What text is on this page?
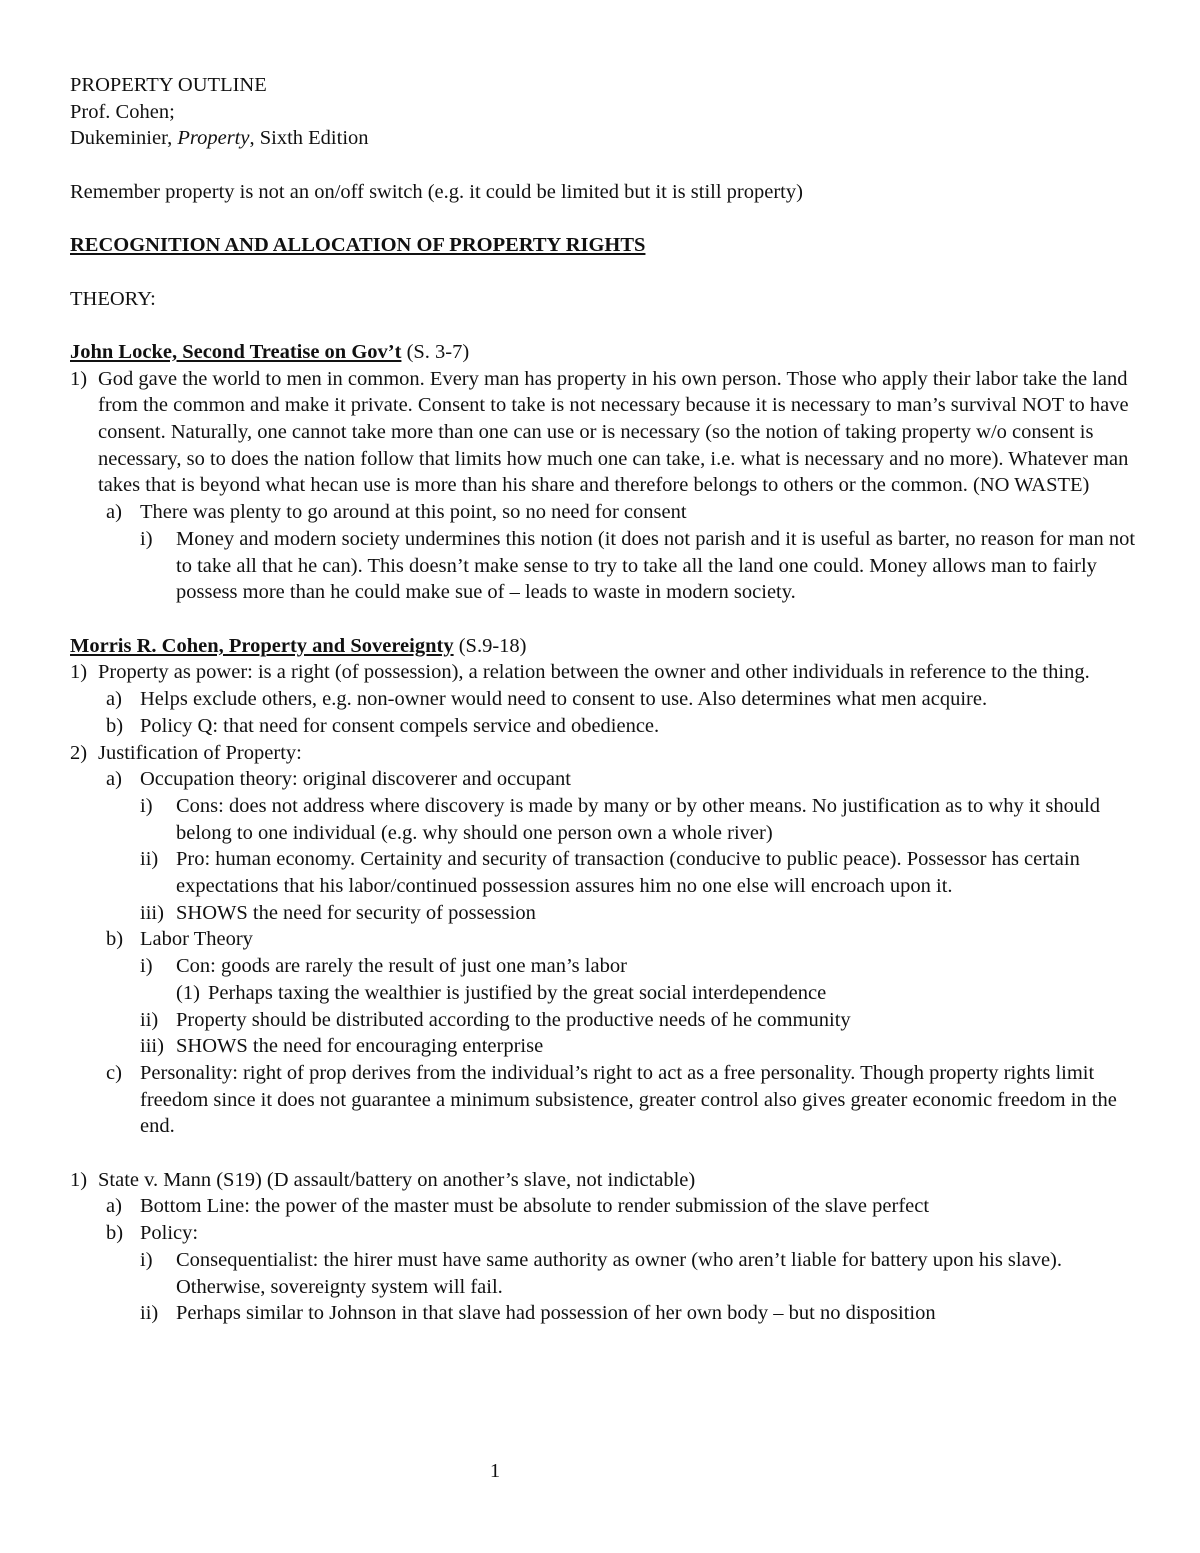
PROPERTY OUTLINE
Prof. Cohen;
Dukeminier, Property, Sixth Edition
Remember property is not an on/off switch (e.g. it could be limited but it is still property)
RECOGNITION AND ALLOCATION OF PROPERTY RIGHTS
THEORY:
John Locke, Second Treatise on Gov’t (S. 3-7)
1) God gave the world to men in common. Every man has property in his own person. Those who apply their labor take the land from the common and make it private. Consent to take is not necessary because it is necessary to man’s survival NOT to have consent. Naturally, one cannot take more than one can use or is necessary (so the notion of taking property w/o consent is necessary, so to does the nation follow that limits how much one can take, i.e. what is necessary and no more). Whatever man takes that is beyond what hecan use is more than his share and therefore belongs to others or the common. (NO WASTE)
a) There was plenty to go around at this point, so no need for consent
i)	Money and modern society undermines this notion (it does not parish and it is useful as barter, no reason for man not to take all that he can). This doesn’t make sense to try to take all the land one could. Money allows man to fairly possess more than he could make sue of – leads to waste in modern society.
Morris R. Cohen, Property and Sovereignty (S.9-18)
1) Property as power: is a right (of possession), a relation between the owner and other individuals in reference to the thing.
a) Helps exclude others, e.g. non-owner would need to consent to use. Also determines what men acquire.
b) Policy Q: that need for consent compels service and obedience.
2) Justification of Property:
a) Occupation theory: original discoverer and occupant
i)	Cons: does not address where discovery is made by many or by other means. No justification as to why it should belong to one individual (e.g. why should one person own a whole river)
ii) Pro: human economy. Certainity and security of transaction (conducive to public peace). Possessor has certain expectations that his labor/continued possession assures him no one else will encroach upon it.
iii) SHOWS the need for security of possession
b) Labor Theory
i)	Con: goods are rarely the result of just one man’s labor
(1) Perhaps taxing the wealthier is justified by the great social interdependence
ii) Property should be distributed according to the productive needs of he community
iii) SHOWS the need for encouraging enterprise
c) Personality: right of prop derives from the individual’s right to act as a free personality. Though property rights limit freedom since it does not guarantee a minimum subsistence, greater control also gives greater economic freedom in the end.
1) State v. Mann (S19) (D assault/battery on another’s slave, not indictable)
a) Bottom Line: the power of the master must be absolute to render submission of the slave perfect
b) Policy:
i)	Consequentialist: the hirer must have same authority as owner (who aren’t liable for battery upon his slave). Otherwise, sovereignty system will fail.
ii) Perhaps similar to Johnson in that slave had possession of her own body – but no disposition
1
